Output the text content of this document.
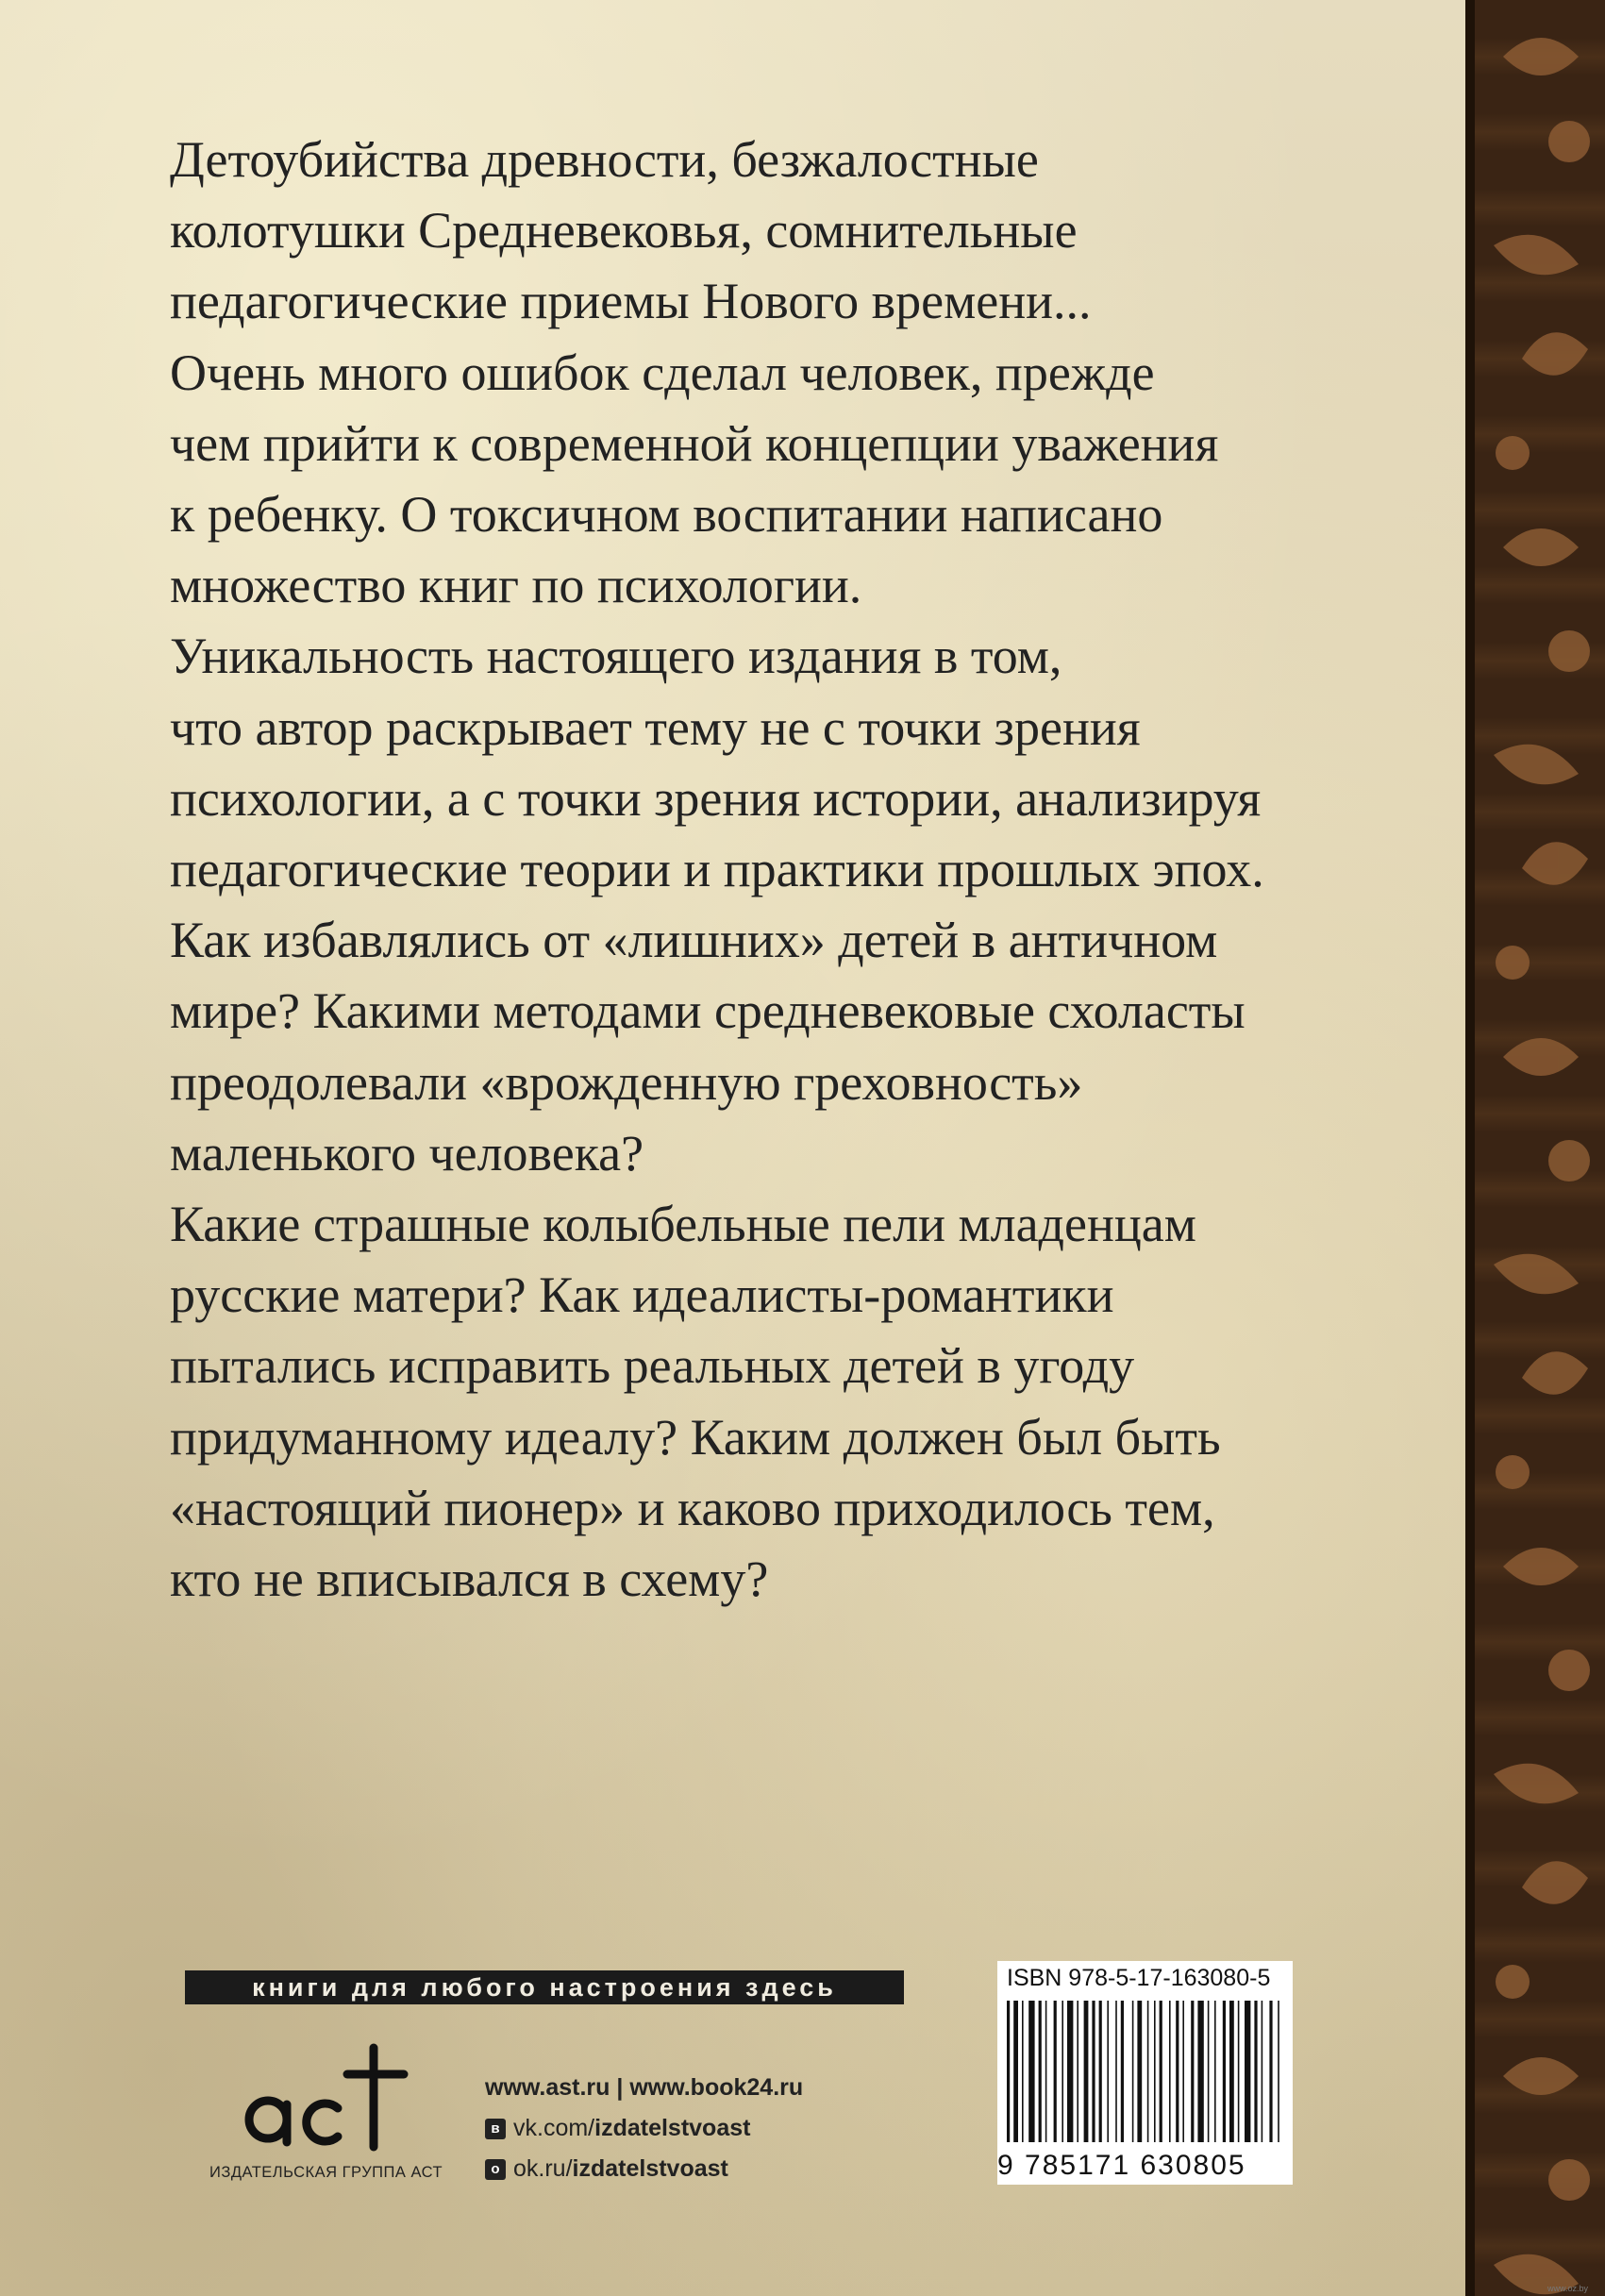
Детоубийства древности, безжалостные
колотушки Средневековья, сомнительные
педагогические приемы Нового времени...
Очень много ошибок сделал человек, прежде
чем прийти к современной концепции уважения
к ребенку. О токсичном воспитании написано
множество книг по психологии.
Уникальность настоящего издания в том,
что автор раскрывает тему не с точки зрения
психологии, а с точки зрения истории, анализируя
педагогические теории и практики прошлых эпох.
Как избавлялись от «лишних» детей в античном
мире? Какими методами средневековые схоласты
преодолевали «врожденную греховность»
маленького человека?
Какие страшные колыбельные пели младенцам
русские матери? Как идеалисты-романтики
пытались исправить реальных детей в угоду
придуманному идеалу? Каким должен был быть
«настоящий пионер» и каково приходилось тем,
кто не вписывался в схему?
книги для любого настроения здесь
ИЗДАТЕЛЬСКАЯ ГРУППА АСТ
www.ast.ru | www.book24.ru
в vk.com/ izdatelstvoast
o ok.ru/ izdatelstvoast
ISBN 978-5-17-163080-5
9 785171 630805
www.oz.by
